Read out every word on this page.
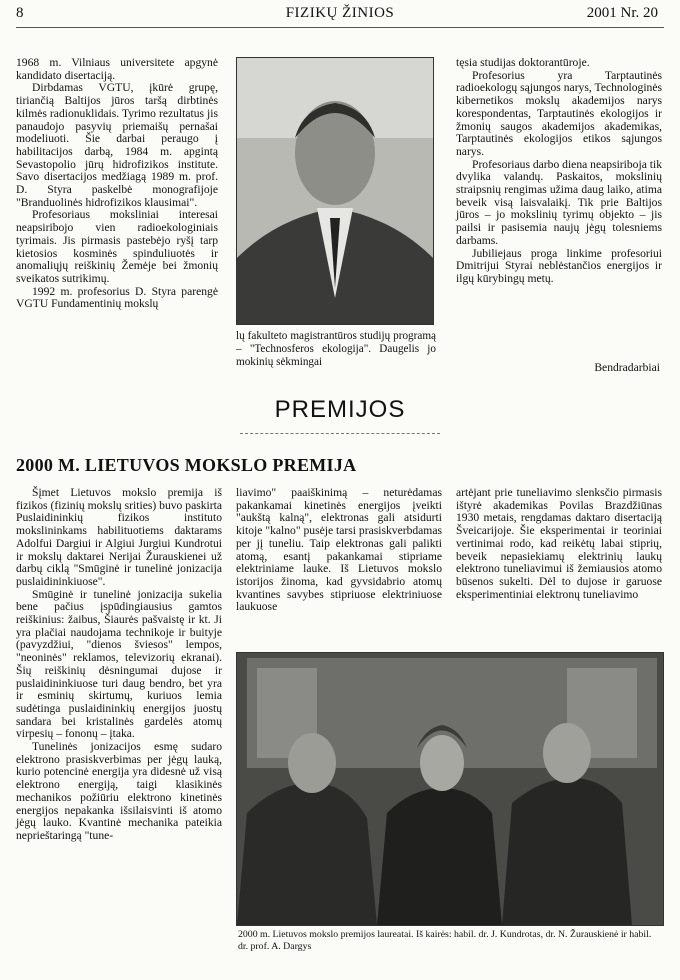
8	FIZIKŲ ŽINIOS	2001 Nr. 20

1968 m. Vilniaus universitete apgynė kandidato disertaciją.

Dirbdamas VGTU, įkūrė grupę, tiriančią Baltijos jūros taršą dirbtinės kilmės radionuklidais. Tyrimo rezultatus jis panaudojo pasyvių priemaišų pernašai modeliuoti. Šie darbai peraugo į habilitacijos darbą, 1984 m. apgintą Sevastopolio jūrų hidrofizikos institute. Savo disertacijos medžiagą 1989 m. prof. D. Styra paskelbė monografijoje "Branduolinės hidrofizikos klausimai".

Profesoriaus moksliniai interesai neapsiribojo vien radioekologiniais tyrimais. Jis pirmasis pastebėjo ryšį tarp kietosios kosminės spinduliuotės ir anomaliųjų reiškinių Žemėje bei žmonių sveikatos sutrikimų.

1992 m. profesorius D. Styra parengė VGTU Fundamentinių mokslų

lų fakulteto magistrantūros studijų programą – "Technosferos ekologija". Daugelis jo mokinių sėkmingai

tęsia studijas doktorantūroje.

Profesorius yra Tarptautinės radioekologų sąjungos narys, Technologinės kibernetikos mokslų akademijos narys korespondentas, Tarptautinės ekologijos ir žmonių saugos akademijos akademikas, Tarptautinės ekologijos etikos sąjungos narys.

Profesoriaus darbo diena neapsiriboja tik dvylika valandų. Paskaitos, mokslinių straipsnių rengimas užima daug laiko, atima beveik visą laisvalaikį. Tik prie Baltijos jūros – jo mokslinių tyrimų objekto – jis pailsi ir pasisemia naujų jėgų tolesniems darbams.

Jubiliejaus proga linkime profesoriui Dmitrijui Styrai neblėstančios energijos ir ilgų kūrybingų metų.

Bendradarbiai
PREMIJOS
2000 M. LIETUVOS MOKSLO PREMIJA

Šįmet Lietuvos mokslo premija iš fizikos (fizinių mokslų srities) buvo paskirta Puslaidininkių fizikos instituto mokslininkams habilituotiems daktarams Adolfui Dargiui ir Algiui Jurgiui Kundrotui ir mokslų daktarei Nerijai Žurauskienei už darbų ciklą "Smūginė ir tunelinė jonizacija puslaidininkiuose".

Smūginė ir tunelinė jonizacija sukelia bene pačius įspūdingiausius gamtos reiškinius: žaibus, Šiaurės pašvaistę ir kt. Ji yra plačiai naudojama technikoje ir buityje (pavyzdžiui, "dienos šviesos" lempos, "neoninės" reklamos, televizorių ekranai). Šių reiškinių dėsningumai dujose ir puslaidininkiuose turi daug bendro, bet yra ir esminių skirtumų, kuriuos lemia sudėtinga puslaidininkių energijos juostų sandara bei kristalinės gardelės atomų virpesių – fononų – įtaka.

Tunelinės jonizacijos esmę sudaro elektrono prasiskverbimas per jėgų lauką, kurio potencinė energija yra didesnė už visą elektrono energiją, taigi klasikinės mechanikos požiūriu elektrono kinetinės energijos nepakanka išsilaisvinti iš atomo jėgų lauko. Kvantinė mechanika pateikia neprieštaringą "tune-

liavimo" paaiškinimą – neturėdamas pakankamai kinetinės energijos įveikti "aukštą kalną", elektronas gali atsidurti kitoje "kalno" pusėje tarsi prasiskverbdamas per jį tuneliu. Taip elektronas gali palikti atomą, esantį pakankamai stipriame elektriniame lauke. Iš Lietuvos mokslo istorijos žinoma, kad gyvsidabrio atomų kvantines savybes stipriuose elektriniuose laukuose

artėjant prie tuneliavimo slenksčio pirmasis ištyrė akademikas Povilas Brazdžiūnas 1930 metais, rengdamas daktaro disertaciją Šveicarijoje. Šie eksperimentai ir teoriniai vertinimai rodo, kad reikėtų labai stiprių, beveik nepasiekiamų elektrinių laukų elektrono tuneliavimui iš žemiausios atomo būsenos sukelti. Dėl to dujose ir garuose eksperimentiniai elektronų tuneliavimo

2000 m. Lietuvos mokslo premijos laureatai. Iš kairės: habil. dr. J. Kundrotas, dr. N. Žurauskienė ir habil. dr. prof. A. Dargys
